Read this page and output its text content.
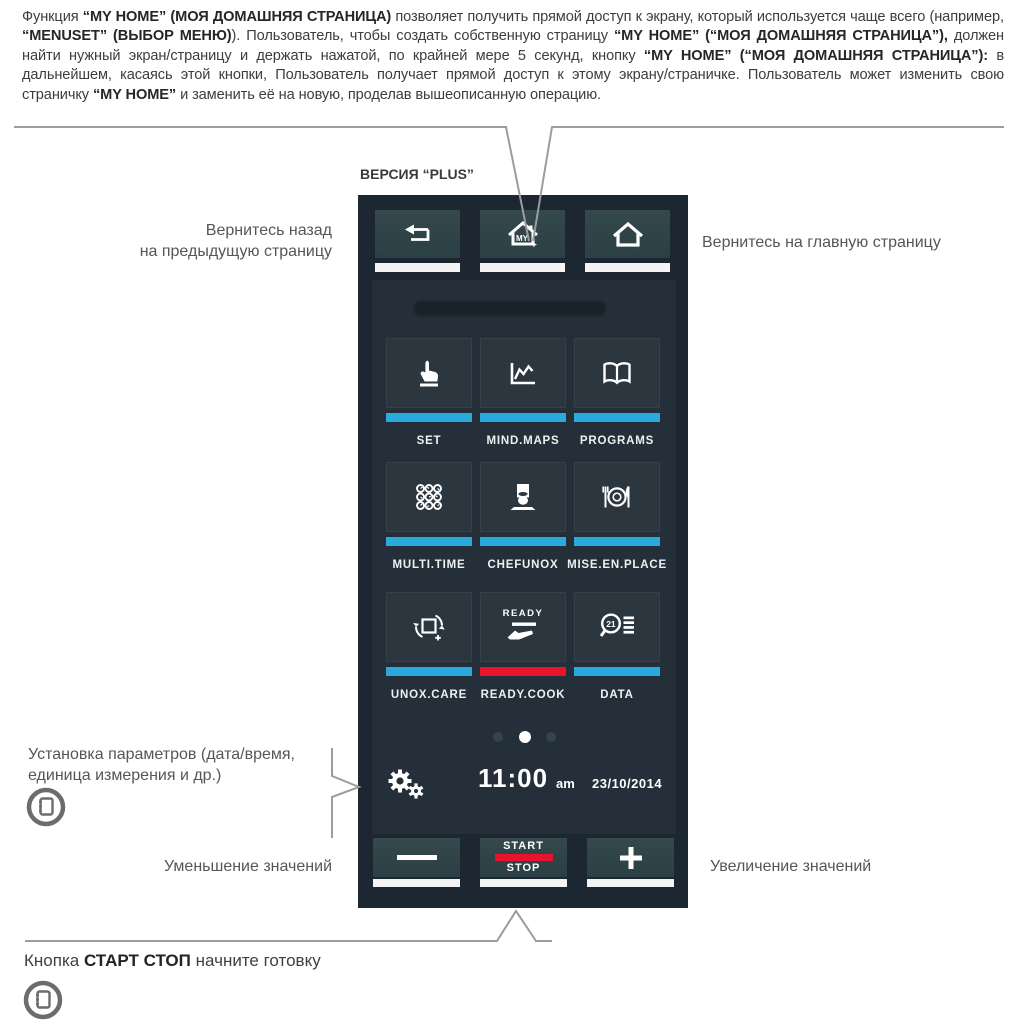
Функция “MY HOME” (МОЯ ДОМАШНЯЯ СТРАНИЦА) позволяет получить прямой доступ к экрану, который используется чаще всего (например, “MENUSET” (ВЫБОР МЕНЮ)). Пользователь, чтобы создать собственную страницу “MY HOME” (“МОЯ ДОМАШНЯЯ СТРАНИЦА”), должен найти нужный экран/страницу и держать нажатой, по крайней мере 5 секунд, кнопку “MY HOME” (“МОЯ ДОМАШНЯЯ СТРАНИЦА”): в дальнейшем, касаясь этой кнопки, Пользователь получает прямой доступ к этому экрану/страничке. Пользователь может изменить свою страничку “MY HOME” и заменить её на новую, проделав вышеописанную операцию.

ВЕРСИЯ “PLUS”
Вернитесь назад
на предыдущую страницу
Вернитесь на главную страницу
Установка параметров (дата/время,
единица измерения и др.)
Уменьшение значений	Увеличение значений
Кнопка СТАРТ СТОП начните готовку
MY
SET	MIND.MAPS	PROGRAMS
MULTI.TIME	CHEFUNOX MISE.EN.PLACE
UNOX.CARE
READY
READY.COOK
21
DATA
11:00 am 23/10/2014
START
STOP
